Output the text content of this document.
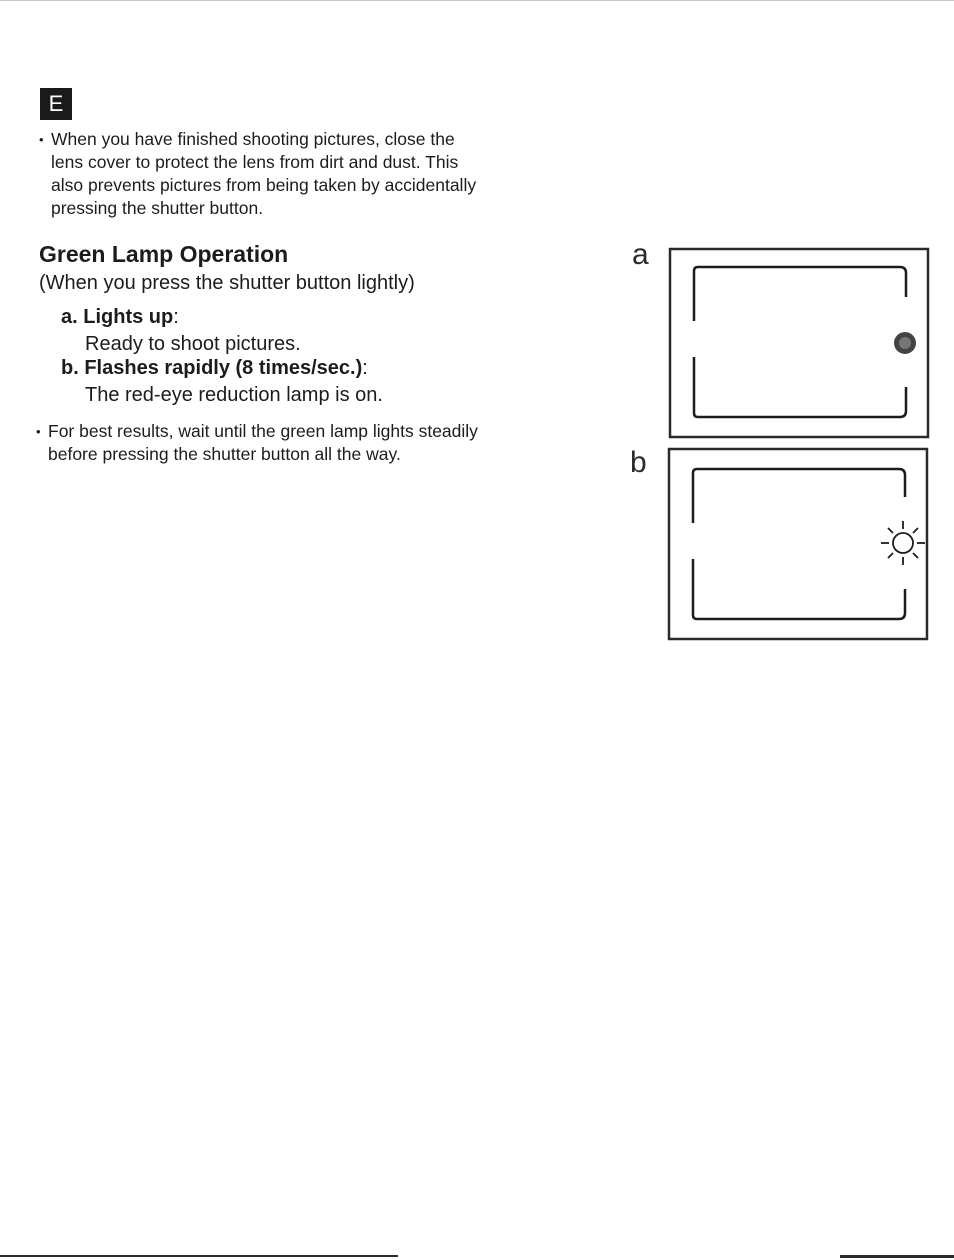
E
• When you have finished shooting pictures, close the
lens cover to protect the lens from dirt and dust. This
also prevents pictures from being taken by accidentally
pressing the shutter button.
Green Lamp Operation
(When you press the shutter button lightly)
a. Lights up:
Ready to shoot pictures.
b. Flashes rapidly (8 times/sec.):
The red-eye reduction lamp is on.
• For best results, wait until the green lamp lights steadily
before pressing the shutter button all the way.
a
b
